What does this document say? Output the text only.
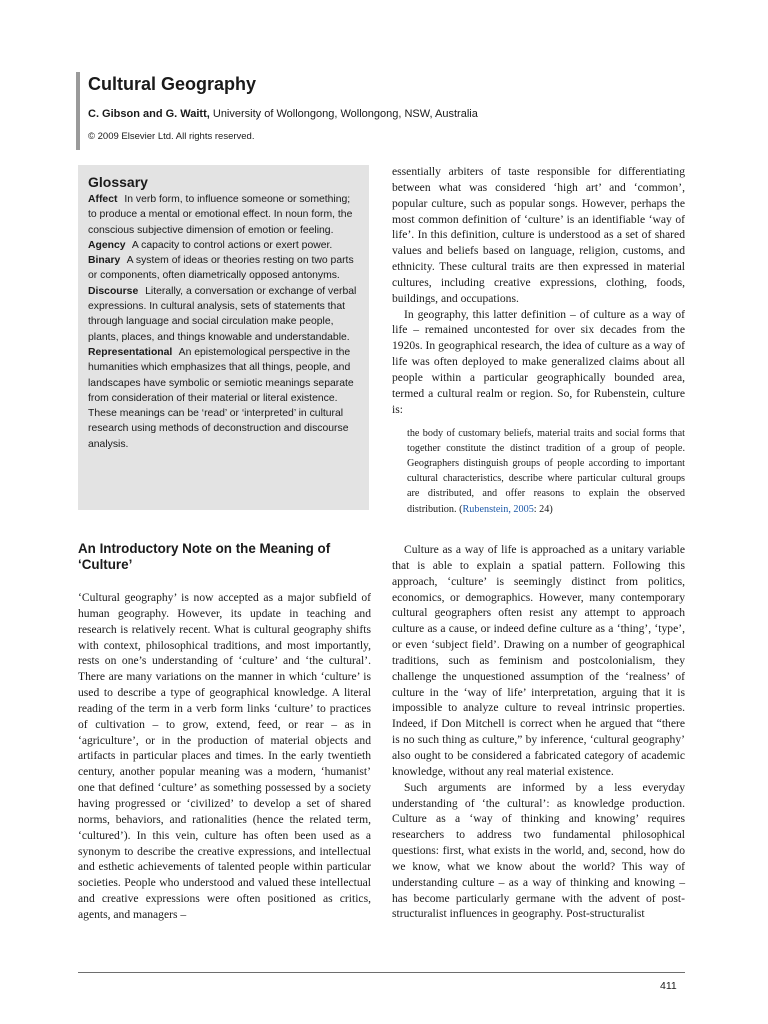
Cultural Geography
C. Gibson and G. Waitt, University of Wollongong, Wollongong, NSW, Australia
© 2009 Elsevier Ltd. All rights reserved.
Glossary

Affect In verb form, to influence someone or something; to produce a mental or emotional effect. In noun form, the conscious subjective dimension of emotion or feeling.

Agency A capacity to control actions or exert power.

Binary A system of ideas or theories resting on two parts or components, often diametrically opposed antonyms.

Discourse Literally, a conversation or exchange of verbal expressions. In cultural analysis, sets of statements that through language and social circulation make people, plants, places, and things knowable and understandable.

Representational An epistemological perspective in the humanities which emphasizes that all things, people, and landscapes have symbolic or semiotic meanings separate from consideration of their material or literal existence. These meanings can be ‘read’ or ‘interpreted’ in cultural research using methods of deconstruction and discourse analysis.

An Introductory Note on the Meaning of ‘Culture’

‘Cultural geography’ is now accepted as a major subfield of human geography. However, its update in teaching and research is relatively recent. What is cultural geography shifts with context, philosophical traditions, and most importantly, rests on one’s understanding of ‘culture’ and ‘the cultural’. There are many variations on the manner in which ‘culture’ is used to describe a type of geographical knowledge. A literal reading of the term in a verb form links ‘culture’ to practices of cultivation – to grow, extend, feed, or rear – as in ‘agriculture’, or in the production of material objects and artifacts in particular places and times. In the early twentieth century, another popular meaning was a modern, ‘humanist’ one that defined ‘culture’ as something possessed by a society having progressed or ‘civilized’ to develop a set of shared norms, behaviors, and rationalities (hence the related term, ‘cultured’). In this vein, culture has often been used as a synonym to describe the creative expressions, and intellectual and esthetic achievements of talented people within particular societies. People who understood and valued these intellectual and creative expressions were often positioned as critics, agents, and managers –

essentially arbiters of taste responsible for differentiating between what was considered ‘high art’ and ‘common’, popular culture, such as popular songs. However, perhaps the most common definition of ‘culture’ is an identifiable ‘way of life’. In this definition, culture is understood as a set of shared values and beliefs based on language, religion, customs, and ethnicity. These cultural traits are then expressed in material cultures, including creative expressions, clothing, foods, buildings, and occupations.

In geography, this latter definition – of culture as a way of life – remained uncontested for over six decades from the 1920s. In geographical research, the idea of culture as a way of life was often deployed to make generalized claims about all people within a particular geographically bounded area, termed a cultural realm or region. So, for Rubenstein, culture is:

the body of customary beliefs, material traits and social forms that together constitute the distinct tradition of a group of people. Geographers distinguish groups of people according to important cultural characteristics, describe where particular cultural groups are distributed, and offer reasons to explain the observed distribution. (Rubenstein, 2005: 24)

Culture as a way of life is approached as a unitary variable that is able to explain a spatial pattern. Following this approach, ‘culture’ is seemingly distinct from politics, economics, or demographics. However, many contemporary cultural geographers often resist any attempt to approach culture as a cause, or indeed define culture as a ‘thing’, ‘type’, or even ‘subject field’. Drawing on a number of geographical traditions, such as feminism and postcolonialism, they challenge the unquestioned assumption of the ‘realness’ of culture in the ‘way of life’ interpretation, arguing that it is impossible to analyze culture to reveal intrinsic properties. Indeed, if Don Mitchell is correct when he argued that “there is no such thing as culture,” by inference, ‘cultural geography’ also ought to be considered a fabricated category of academic knowledge, without any real material existence.

Such arguments are informed by a less everyday understanding of ‘the cultural’: as knowledge production. Culture as a ‘way of thinking and knowing’ requires researchers to address two fundamental philosophical questions: first, what exists in the world, and, second, how do we know, what we know about the world? This way of understanding culture – as a way of thinking and knowing – has become particularly germane with the advent of post-structuralist influences in geography. Post-structuralist

411
